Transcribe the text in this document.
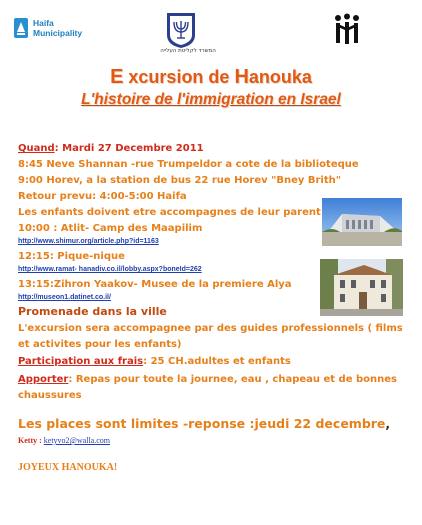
Haifa
Municipality
המשרד לקליטת העלייה
E xcursion de Hanouka
L'histoire de l'immigration en Israel
Quand: Mardi 27 Decembre 2011
8:45 Neve Shannan -rue Trumpeldor a cote de la biblioteque
9:00 Horev, a la station de bus 22 rue Horev "Bney Brith"
Retour prevu: 4:00-5:00 Haifa
Les enfants doivent etre accompagnes de leur parent
10:00 : Atlit- Camp des Maapilim
http://www.shimur.org/article.php?id=1163
12:15: Pique-nique
http://www.ramat- hanadiv.co.il/lobby.aspx?boneId=262
13:15:Zihron Yaakov- Musee de la premiere Alya
http://museon1.datinet.co.il/
Promenade dans la ville
L'excursion sera accompagnee par des guides professionnels ( films
et activites pour les enfants)
Participation aux frais: 25 CH.adultes et enfants
Apporter: Repas pour toute la journee, eau , chapeau et de bonnes
chaussures
Les places sont limites -reponse :jeudi 22 decembre,
Ketty : ketyvo2@walla.com
JOYEUX HANOUKA!
